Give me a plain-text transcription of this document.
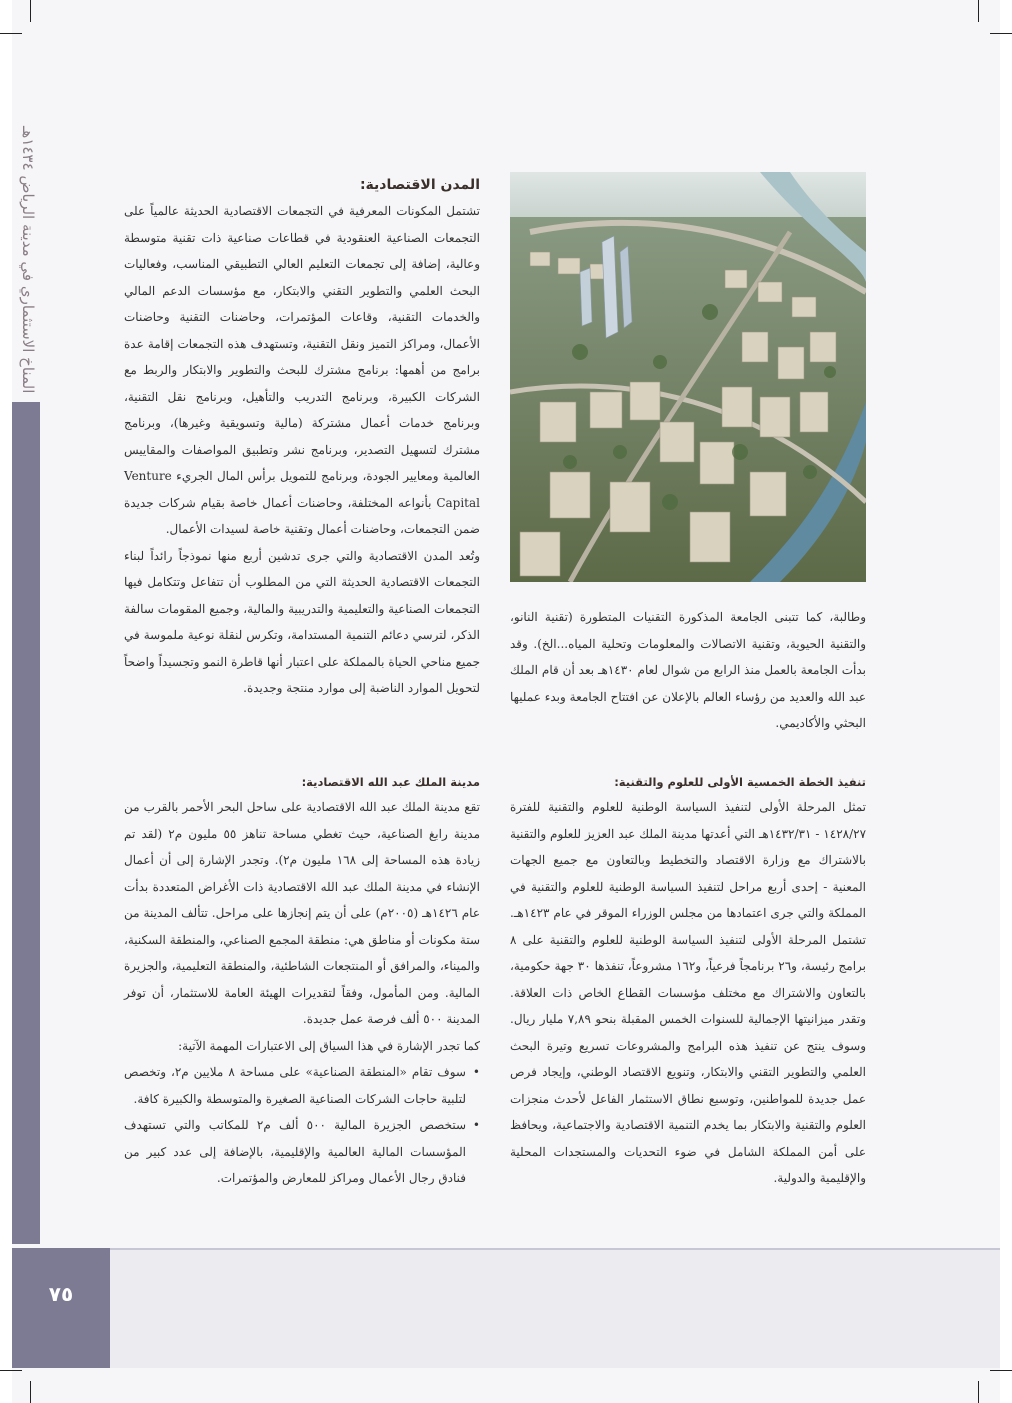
المناخ الاستثماري في مدينة الرياض ١٤٣٤هـ	المدن الاقتصادية:

تشتمل المكونات المعرفية في التجمعات الاقتصادية الحديثة عالمياً على التجمعات الصناعية العنقودية في قطاعات صناعية ذات تقنية متوسطة وعالية، إضافة إلى تجمعات التعليم العالي التطبيقي المناسب، وفعاليات البحث العلمي والتطوير التقني والابتكار، مع مؤسسات الدعم المالي والخدمات التقنية، وقاعات المؤتمرات، وحاضنات التقنية وحاضنات الأعمال، ومراكز التميز ونقل التقنية، وتستهدف هذه التجمعات إقامة عدة برامج من أهمها: برنامج مشترك للبحث والتطوير والابتكار والربط مع الشركات الكبيرة، وبرنامج التدريب والتأهيل، وبرنامج نقل التقنية، وبرنامج خدمات أعمال مشتركة (مالية وتسويقية وغيرها)، وبرنامج مشترك لتسهيل التصدير، وبرنامج نشر وتطبيق المواصفات والمقاييس العالمية ومعايير الجودة، وبرنامج للتمويل برأس المال الجريء Venture Capital بأنواعه المختلفة، وحاضنات أعمال خاصة بقيام شركات جديدة ضمن التجمعات، وحاضنات أعمال وتقنية خاصة لسيدات الأعمال.

وتُعد المدن الاقتصادية والتي جرى تدشين أربع منها نموذجاً رائداً لبناء التجمعات الاقتصادية الحديثة التي من المطلوب أن تتفاعل وتتكامل فيها التجمعات الصناعية والتعليمية والتدريبية والمالية، وجميع المقومات سالفة الذكر، لترسي دعائم التنمية المستدامة، وتكرس لنقلة نوعية ملموسة في جميع مناحي الحياة بالمملكة على اعتبار أنها قاطرة النمو وتجسيداً واضحاً لتحويل الموارد الناضبة إلى موارد منتجة وجديدة.

مدينة الملك عبد الله الاقتصادية:

تقع مدينة الملك عبد الله الاقتصادية على ساحل البحر الأحمر بالقرب من مدينة رابغ الصناعية، حيث تغطي مساحة تناهز ٥٥ مليون م٢ (لقد تم زيادة هذه المساحة إلى ١٦٨ مليون م٢). وتجدر الإشارة إلى أن أعمال الإنشاء في مدينة الملك عبد الله الاقتصادية ذات الأغراض المتعددة بدأت عام ١٤٢٦هـ (٢٠٠٥م) على أن يتم إنجازها على مراحل. تتألف المدينة من ستة مكونات أو مناطق هي: منطقة المجمع الصناعي، والمنطقة السكنية، والميناء، والمرافق أو المنتجعات الشاطئية، والمنطقة التعليمية، والجزيرة المالية. ومن المأمول، وفقاً لتقديرات الهيئة العامة للاستثمار، أن توفر المدينة ٥٠٠ ألف فرصة عمل جديدة.

كما تجدر الإشارة في هذا السياق إلى الاعتبارات المهمة الآتية:

• سوف تقام «المنطقة الصناعية» على مساحة ٨ ملايين م٢، وتخصص لتلبية حاجات الشركات الصناعية الصغيرة والمتوسطة والكبيرة كافة.
• ستخصص الجزيرة المالية ٥٠٠ ألف م٢ للمكاتب والتي تستهدف المؤسسات المالية العالمية والإقليمية، بالإضافة إلى عدد كبير من فنادق رجال الأعمال ومراكز للمعارض والمؤتمرات.

وطالبة، كما تتبنى الجامعة المذكورة التقنيات المتطورة (تقنية النانو، والتقنية الحيوية، وتقنية الاتصالات والمعلومات وتحلية المياه...الخ). وقد بدأت الجامعة بالعمل منذ الرابع من شوال لعام ١٤٣٠هـ بعد أن قام الملك عبد الله والعديد من رؤساء العالم بالإعلان عن افتتاح الجامعة وبدء عمليها البحثي والأكاديمي.

تنفيذ الخطة الخمسية الأولى للعلوم والتقنية:

تمثل المرحلة الأولى لتنفيذ السياسة الوطنية للعلوم والتقنية للفترة ١٤٢٨/٢٧ - ١٤٣٢/٣١هـ التي أعدتها مدينة الملك عبد العزيز للعلوم والتقنية بالاشتراك مع وزارة الاقتصاد والتخطيط وبالتعاون مع جميع الجهات المعنية - إحدى أربع مراحل لتنفيذ السياسة الوطنية للعلوم والتقنية في المملكة والتي جرى اعتمادها من مجلس الوزراء الموقر في عام ١٤٢٣هـ. تشتمل المرحلة الأولى لتنفيذ السياسة الوطنية للعلوم والتقنية على ٨ برامج رئيسة، و٢٦ برنامجاً فرعياً، و١٦٢ مشروعاً، تنفذها ٣٠ جهة حكومية، بالتعاون والاشتراك مع مختلف مؤسسات القطاع الخاص ذات العلاقة. وتقدر ميزانيتها الإجمالية للسنوات الخمس المقبلة بنحو ٧,٨٩ مليار ريال. وسوف ينتج عن تنفيذ هذه البرامج والمشروعات تسريع وتيرة البحث العلمي والتطوير التقني والابتكار، وتنويع الاقتصاد الوطني، وإيجاد فرص عمل جديدة للمواطنين، وتوسيع نطاق الاستثمار الفاعل لأحدث منجزات العلوم والتقنية والابتكار بما يخدم التنمية الاقتصادية والاجتماعية، ويحافظ على أمن المملكة الشامل في ضوء التحديات والمستجدات المحلية والإقليمية والدولية.

٧٥
